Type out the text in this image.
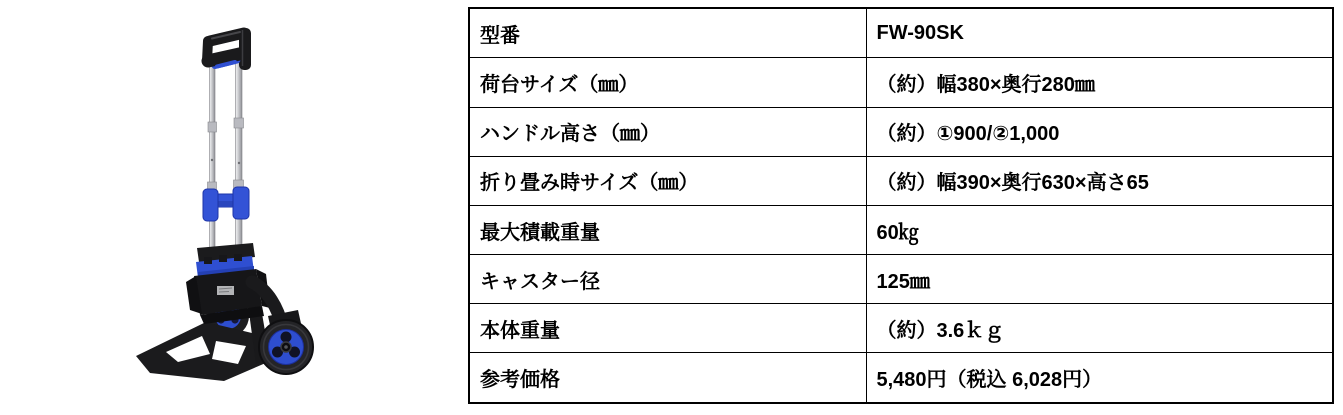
型番	FW-90SK
荷台サイズ（㎜）	（約）幅380×奥行280㎜
ハンドル高さ（㎜）	（約）①900/②1,000
折り畳み時サイズ（㎜）	（約）幅390×奥行630×高さ65
最大積載重量	60㎏
キャスター径	125㎜
本体重量	（約）3.6ｋｇ
参考価格	5,480円（税込 6,028円）
